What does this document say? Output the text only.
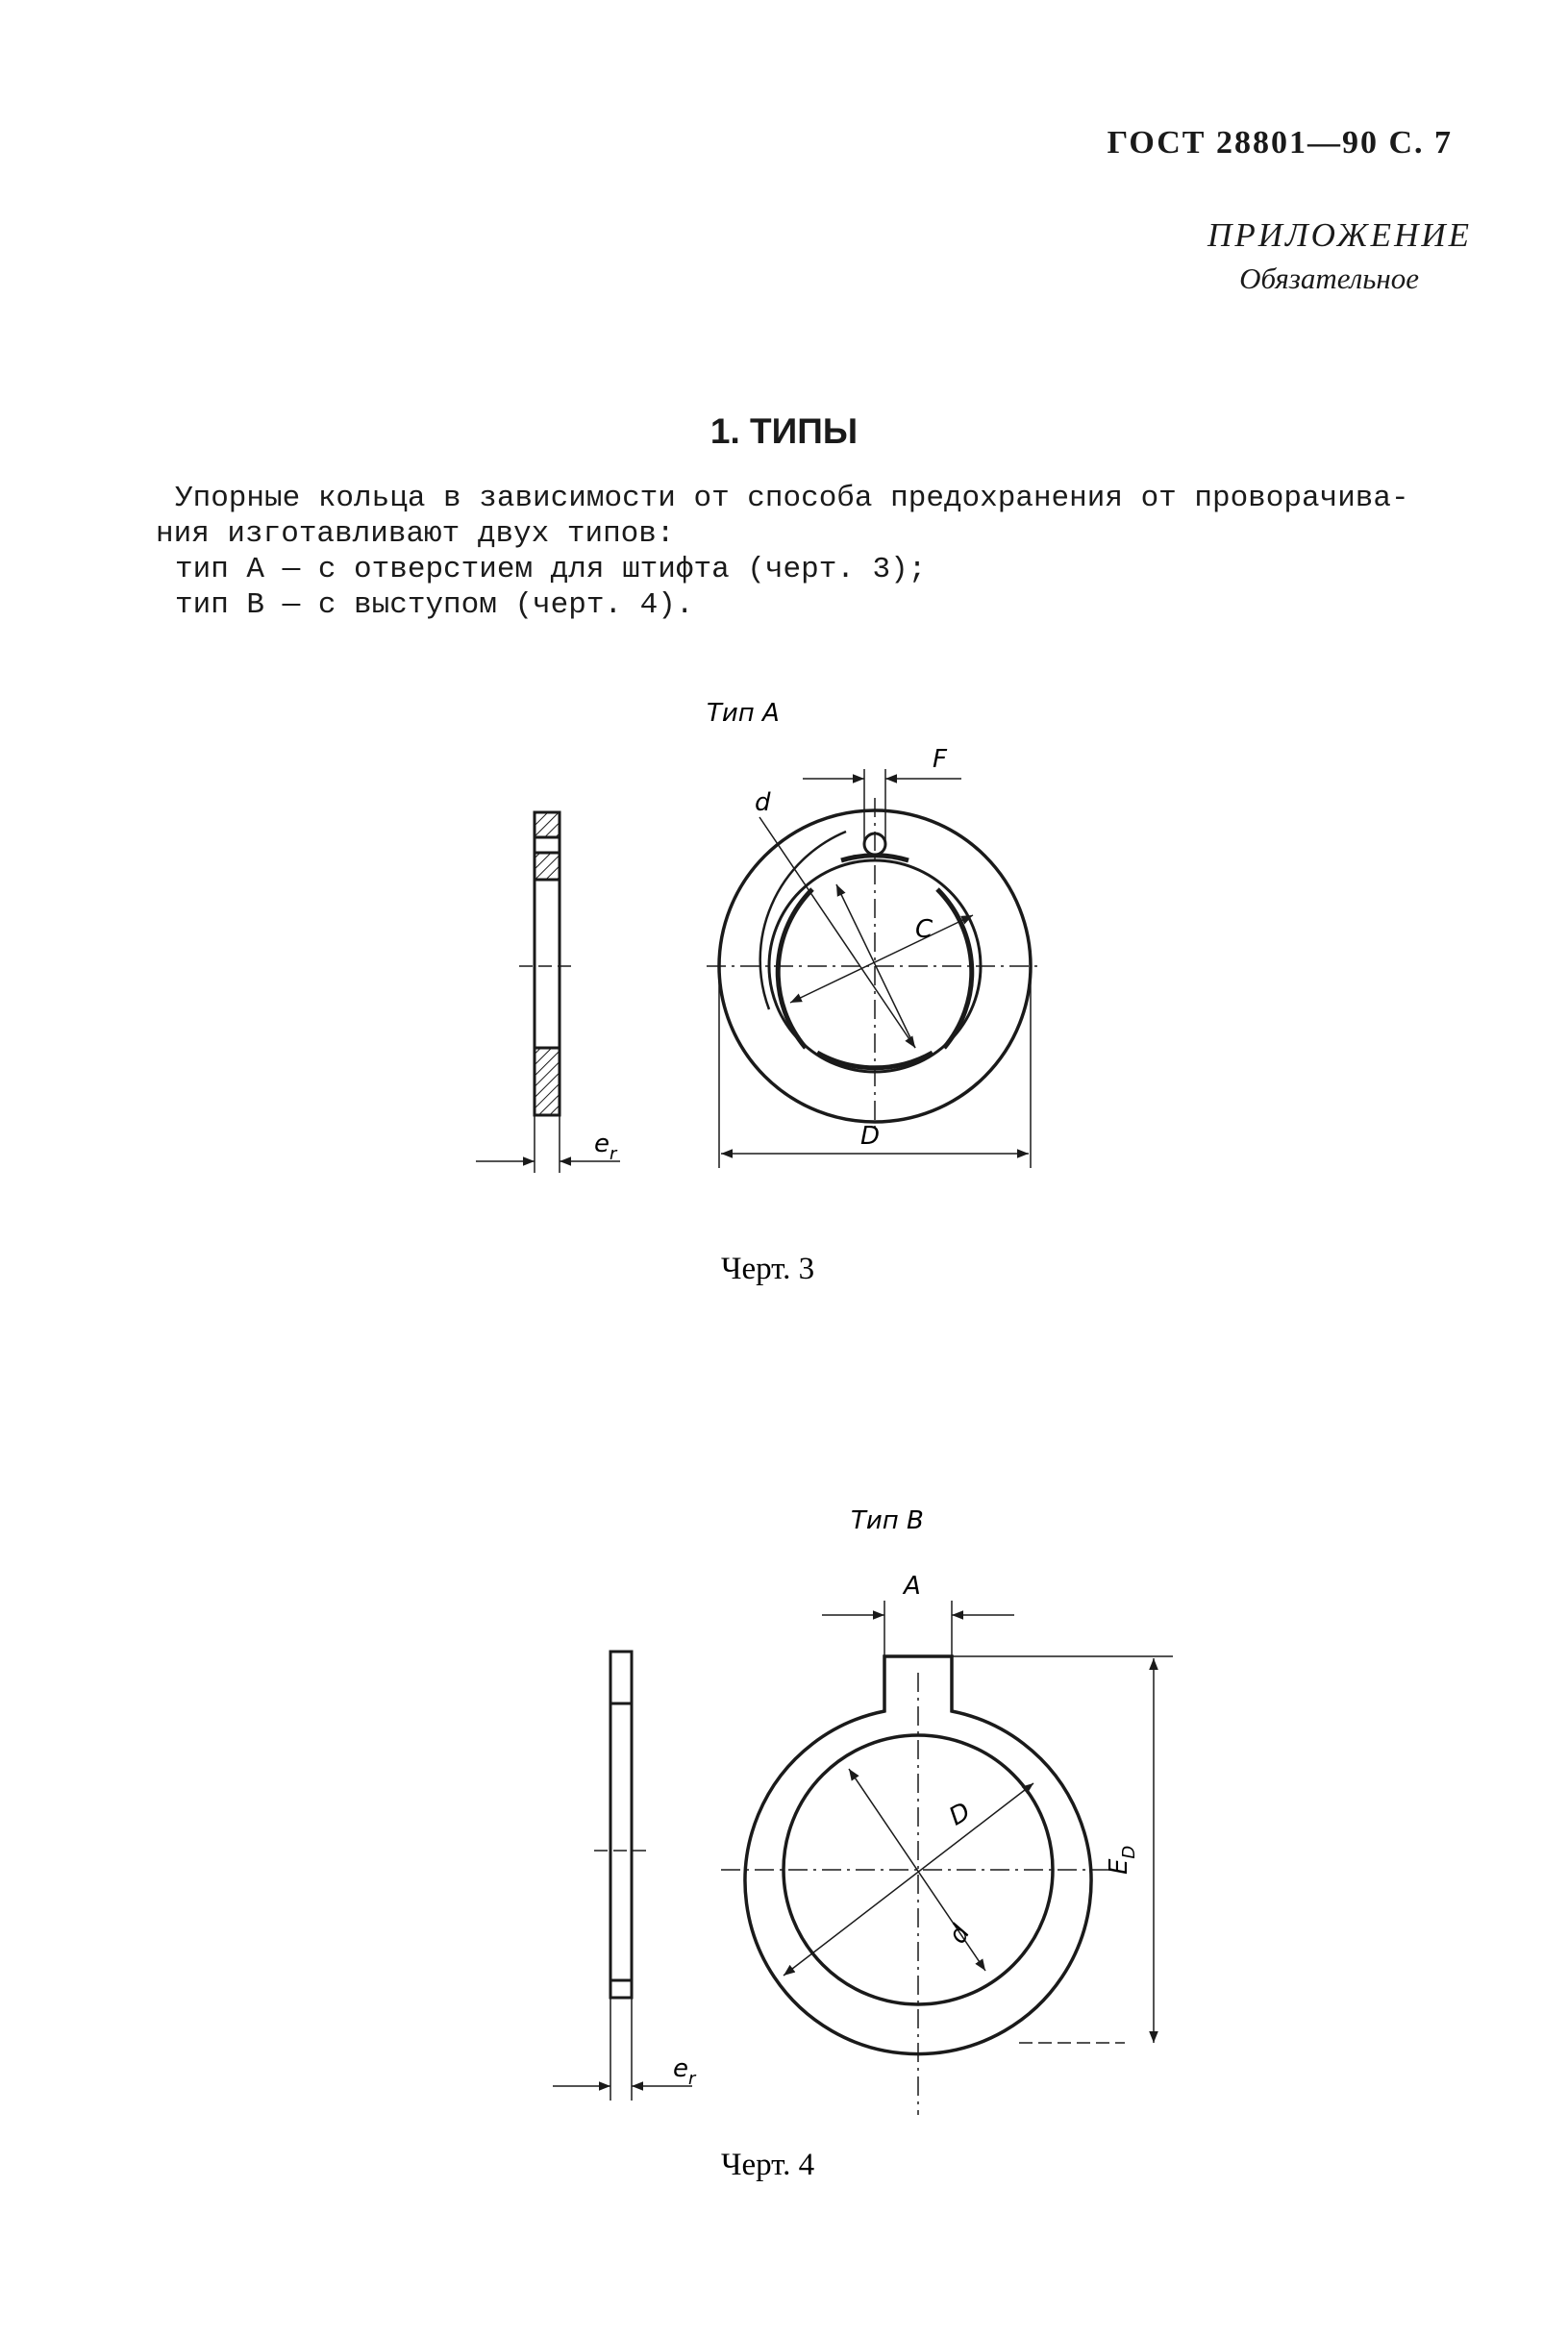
ГОСТ 28801—90 С. 7
ПРИЛОЖЕНИЕ
Обязательное
1. ТИПЫ
Упорные кольца в зависимости от способа предохранения от проворачива-
ния изготавливают двух типов:
тип А — с отверстием для штифта (черт. 3);
тип В — с выступом (черт. 4).
Тип А
$e_r$
d
F
C
D
Черт. 3
Тип В
$e_r$
A
D
d
$E_D$
Черт. 4
